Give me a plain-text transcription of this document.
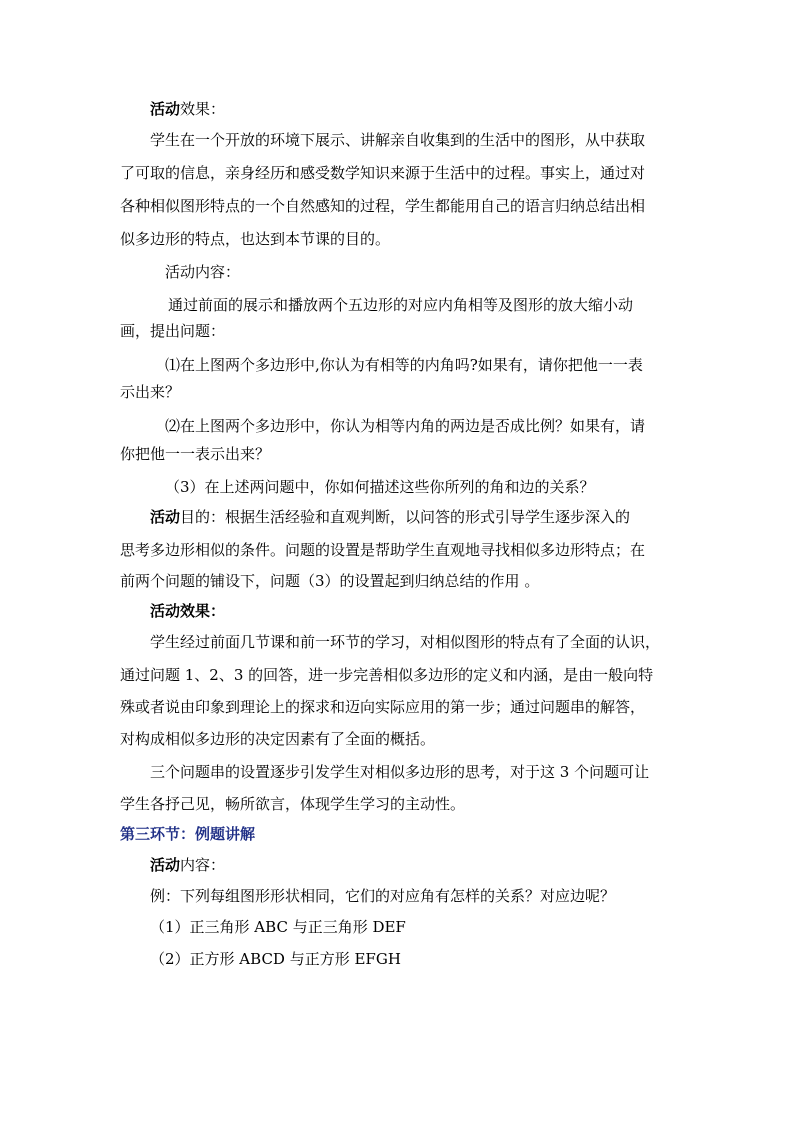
活动效果：
学生在一个开放的环境下展示、讲解亲自收集到的生活中的图形，从中获取
了可取的信息，亲身经历和感受数学知识来源于生活中的过程。事实上，通过对
各种相似图形特点的一个自然感知的过程，学生都能用自己的语言归纳总结出相
似多边形的特点，也达到本节课的目的。
活动内容：
通过前面的展示和播放两个五边形的对应内角相等及图形的放大缩小动
画，提出问题：
⑴在上图两个多边形中,你认为有相等的内角吗?如果有，请你把他一一表
示出来？
⑵在上图两个多边形中，你认为相等内角的两边是否成比例？如果有，请
你把他一一表示出来？
（3）在上述两问题中，你如何描述这些你所列的角和边的关系？
活动目的：根据生活经验和直观判断，以问答的形式引导学生逐步深入的
思考多边形相似的条件。问题的设置是帮助学生直观地寻找相似多边形特点；在
前两个问题的铺设下，问题（3）的设置起到归纳总结的作用 。
活动效果：
学生经过前面几节课和前一环节的学习，对相似图形的特点有了全面的认识，
通过问题 1、2、3 的回答，进一步完善相似多边形的定义和内涵，是由一般向特
殊或者说由印象到理论上的探求和迈向实际应用的第一步；通过问题串的解答，
对构成相似多边形的决定因素有了全面的概括。
三个问题串的设置逐步引发学生对相似多边形的思考，对于这 3 个问题可让
学生各抒己见，畅所欲言，体现学生学习的主动性。
第三环节：例题讲解
活动内容：
例：下列每组图形形状相同，它们的对应角有怎样的关系？对应边呢？
（1）正三角形 ABC 与正三角形 DEF
（2）正方形 ABCD 与正方形 EFGH
